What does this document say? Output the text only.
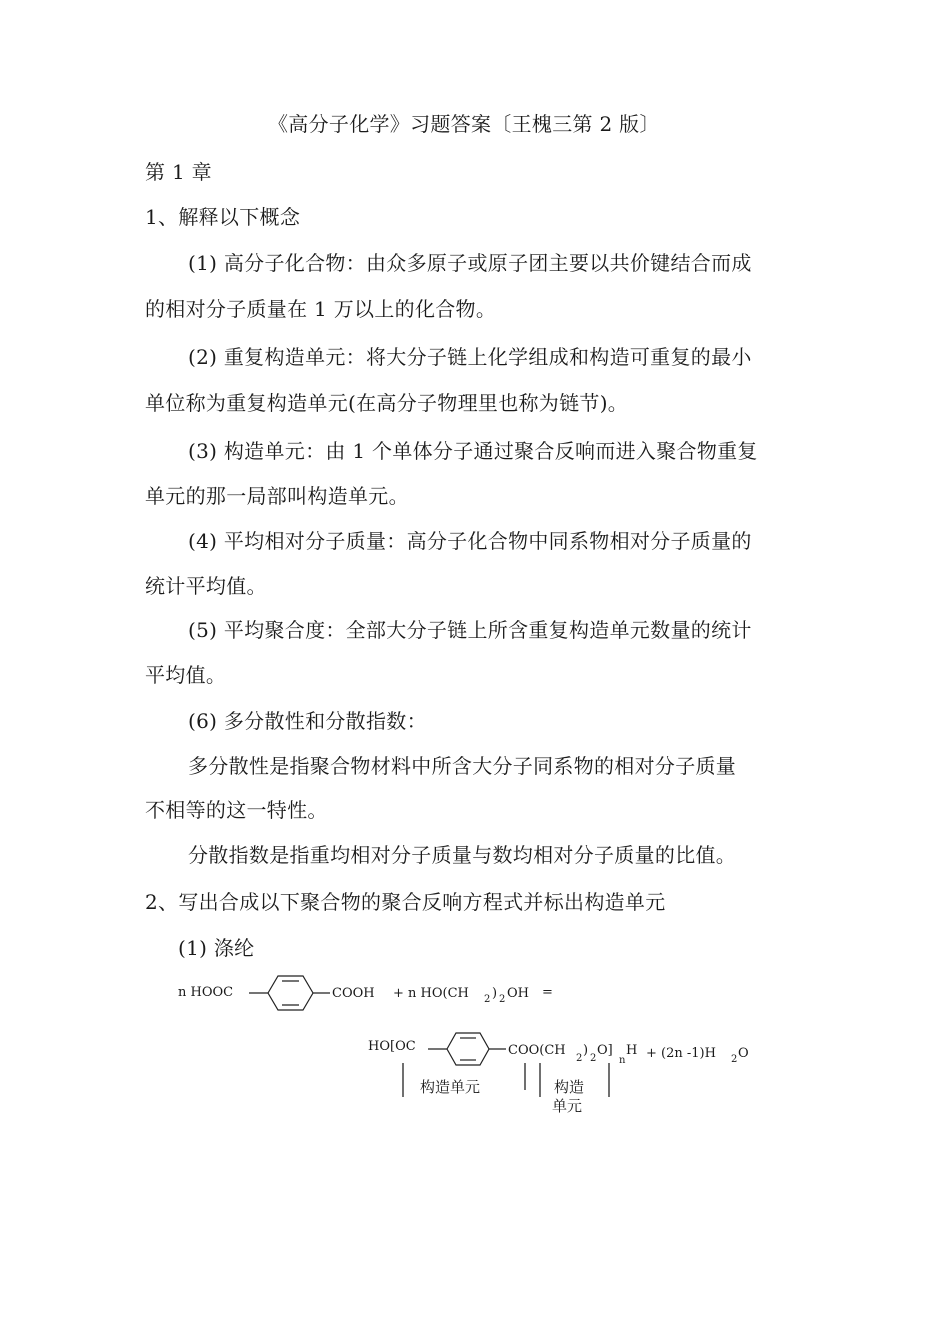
《高分子化学》习题答案〔王槐三第 2 版〕
第 1 章
1、解释以下概念
(1) 高分子化合物：由众多原子或原子团主要以共价键结合而成
的相对分子质量在 1 万以上的化合物。
(2) 重复构造单元：将大分子链上化学组成和构造可重复的最小
单位称为重复构造单元(在高分子物理里也称为链节)。
(3) 构造单元：由 1 个单体分子通过聚合反响而进入聚合物重复
单元的那一局部叫构造单元。
(4) 平均相对分子质量：高分子化合物中同系物相对分子质量的
统计平均值。
(5) 平均聚合度：全部大分子链上所含重复构造单元数量的统计
平均值。
(6) 多分散性和分散指数：
多分散性是指聚合物材料中所含大分子同系物的相对分子质量
不相等的这一特性。
分散指数是指重均相对分子质量与数均相对分子质量的比值。
2、写出合成以下聚合物的聚合反响方程式并标出构造单元
(1) 涤纶
n HOOC	COOH + n HO(CH 2 ) 2 OH =
HO[OC	COO(CH
2
)
2
O]
n
H + (2n -1)H 2 O
构造单元	构造
单元
